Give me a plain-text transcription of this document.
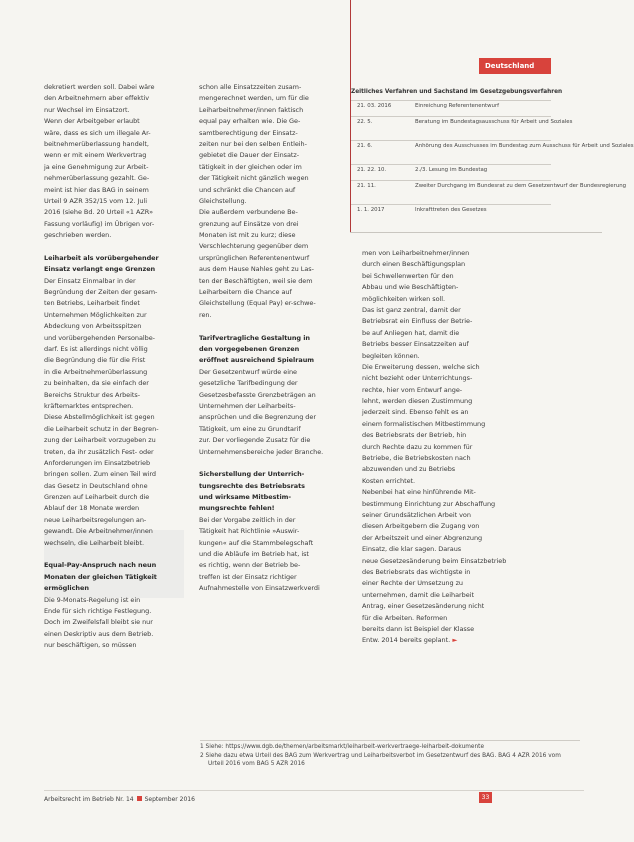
dekretiert werden soll. Dabei wäre
den Arbeitnehmern aber effektiv
nur Wechsel im Einsatzort.
Wenn der Arbeitgeber erlaubt
wäre, dass es sich um illegale Ar-
beitnehmerüberlassung handelt,
wenn er mit einem Werkvertrag
ja eine Genehmigung zur Arbeit-
nehmerüberlassung gezahlt. Ge-
meint ist hier das BAG in seinem
Urteil 9 AZR 352/15 vom 12. Juli
2016 (siehe Bd. 20 Urteil «1 AZR»
Fassung vorläufig) im Übrigen vor-
geschrieben werden.
Leiharbeit als vorübergehender
Einsatz verlangt enge Grenzen
Der Einsatz Einmalbar in der
Begründung der Zeiten der gesam-
ten Betriebs, Leiharbeit findet
Unternehmen Möglichkeiten zur
Abdeckung von Arbeitsspitzen
und vorübergehenden Personalbe-
darf. Es ist allerdings nicht völlig
die Begründung die für die Frist
in die Arbeitnehmerüberlassung
zu beinhalten, da sie einfach der
Bereichs Struktur des Arbeits-
kräftemarktes entsprechen.
Diese Abstellmöglichkeit ist gegen
die Leiharbeit schutz in der Begren-
zung der Leiharbeit vorzugeben zu
treten, da ihr zusätzlich Fest- oder
Anforderungen im Einsatzbetrieb
bringen sollen. Zum einen Teil wird
das Gesetz in Deutschland ohne
Grenzen auf Leiharbeit durch die
Ablauf der 18 Monate werden
neue Leiharbeitsregelungen an-
gewandt. Die Arbeitnehmer/innen
wechseln, die Leiharbeit bleibt.
Equal-Pay-Anspruch nach neun
Monaten der gleichen Tätigkeit
ermöglichen
Die 9-Monats-Regelung ist ein
Ende für sich richtige Festlegung.
Doch im Zweifelsfall bleibt sie nur
einen Deskriptiv aus dem Betrieb.
nur beschäftigen, so müssen
schon alle Einsatzzeiten zusam-
mengerechnet werden, um für die
Leiharbeitnehmer/innen faktisch
equal pay erhalten wie. Die Ge-
samtberechtigung der Einsatz-
zeiten nur bei den selben Entleih-
gebietet die Dauer der Einsatz-
tätigkeit in der gleichen oder im
der Tätigkeit nicht gänzlich wegen
und schränkt die Chancen auf
Gleichstellung.
Die außerdem verbundene Be-
grenzung auf Einsätze von drei
Monaten ist mit zu kurz; diese
Verschlechterung gegenüber dem
ursprünglichen Referentenentwurf
aus dem Hause Nahles geht zu Las-
ten der Beschäftigten, weil sie dem
Leiharbeitern die Chance auf
Gleichstellung (Equal Pay) er-schwe-
ren.
Tarifvertragliche Gestaltung in
den vorgegebenen Grenzen
eröffnet ausreichend Spielraum
Der Gesetzentwurf würde eine
gesetzliche Tarifbedingung der
Gesetzesbefasste Grenzbeträgen an
Unternehmen der Leiharbeits-
ansprüchen und die Begrenzung der
Tätigkeit, um eine zu Grundtarif
zur. Der vorliegende Zusatz für die
Unternehmensbereiche jeder Branche.
Sicherstellung der Unterrich-
tungsrechte des Betriebsrats
und wirksame Mitbestim-
mungsrechte fehlen!
Bei der Vorgabe zeitlich in der
Tätigkeit hat Richtlinie »Auswir-
kungen« auf die Stammbelegschaft
und die Abläufe im Betrieb hat, ist
es richtig, wenn der Betrieb be-
treffen ist der Einsatz richtiger
Aufnahmestelle von Einsatzwerkverdi
men von Leiharbeitnehmer/innen
durch einen Beschäftigungsplan
bei Schwellenwerten für den
Abbau und wie Beschäftigten-
möglichkeiten wirken soll.
Das ist ganz zentral, damit der
Betriebsrat ein Einfluss der Betrie-
be auf Anliegen hat, damit die
Betriebs besser Einsatzzeiten auf
begleiten können.
Die Erweiterung dessen, welche sich
nicht bezieht oder Unterrichtungs-
rechte, hier vom Entwurf ange-
lehnt, werden diesen Zustimmung
jederzeit sind. Ebenso fehlt es an
einem formalistischen Mitbestimmung
des Betriebsrats der Betrieb, hin
durch Rechte dazu zu kommen für
Betriebe, die Betriebskosten nach
abzuwenden und zu Betriebs
Kosten errichtet.
Nebenbei hat eine hinführende Mit-
bestimmung Einrichtung zur Abschaffung
seiner Grundsätzlichen Arbeit von
diesen Arbeitgebern die Zugang von
der Arbeitszeit und einer Abgrenzung
Einsatz, die klar sagen. Daraus
neue Gesetzesänderung beim Einsatzbetrieb
des Betriebsrats das wichtigste in
einer Rechte der Umsetzung zu
unternehmen, damit die Leiharbeit
Antrag, einer Gesetzesänderung nicht
für die Arbeiten. Reformen
bereits dann ist Beispiel der Klasse
Entw. 2014 bereits geplant. ►
Deutschland
Zeitliches Verfahren und Sachstand im Gesetzgebungsverfahren
21. 03. 2016	Einreichung Referentenentwurf
22. 5.	Beratung im Bundestagsausschuss für Arbeit und Soziales
21. 6.	Anhörung des Ausschusses im Bundestag zum Ausschuss für Arbeit und Soziales
21. 22. 10.	2./3. Lesung im Bundestag
21. 11.	Zweiter Durchgang im Bundesrat zu dem Gesetzentwurf der Bundesregierung
1. 1. 2017	Inkrafttreten des Gesetzes
1 Siehe: https://www.dgb.de/themen/arbeitsmarkt/leiharbeit-werkvertraege-leiharbeit-dokumente
2 Siehe dazu etwa Urteil des BAG zum Werkvertrag und Leiharbeitsverbot im Gesetzentwurf des BAG. BAG 4 AZR 2016 vom
Urteil 2016 vom BAG 5 AZR 2016
Arbeitsrecht im Betrieb Nr. 14 September 2016	33
